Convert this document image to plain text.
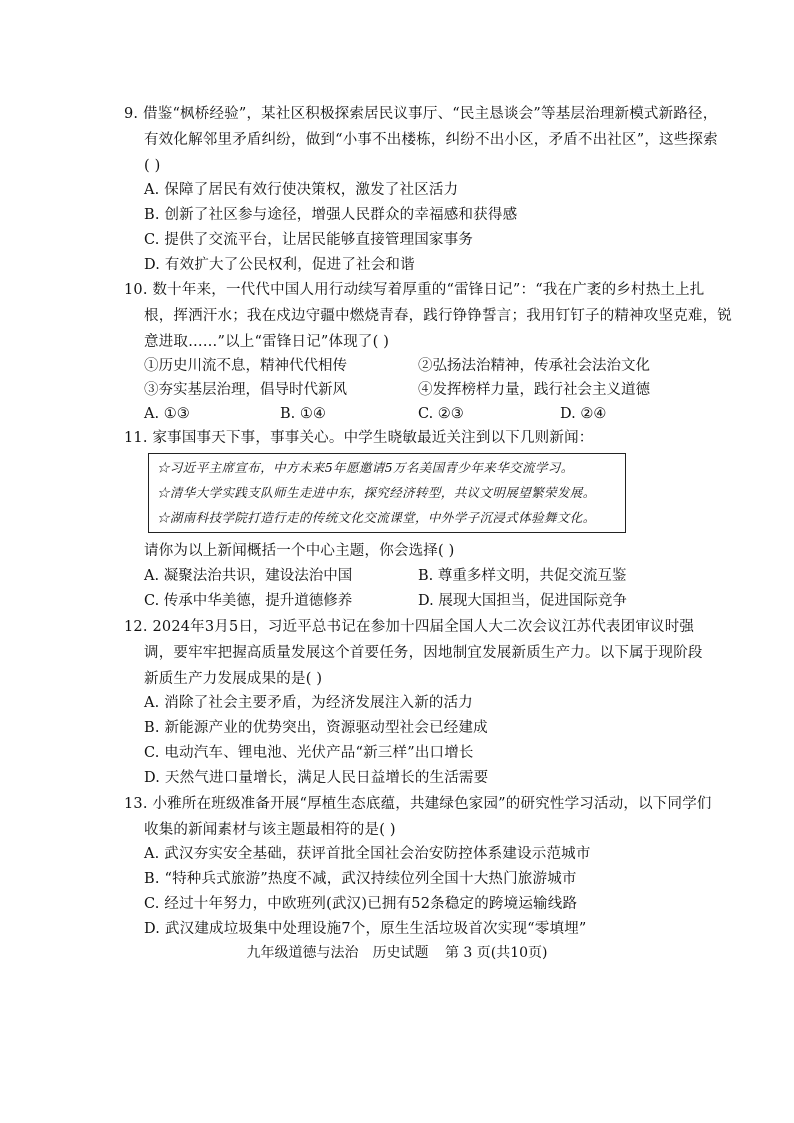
9. 借鉴“枫桥经验”，某社区积极探索居民议事厅、“民主恳谈会”等基层治理新模式新路径，
有效化解邻里矛盾纠纷，做到“小事不出楼栋，纠纷不出小区，矛盾不出社区”，这些探索
( )
A. 保障了居民有效行使决策权，激发了社区活力
B. 创新了社区参与途径，增强人民群众的幸福感和获得感
C. 提供了交流平台，让居民能够直接管理国家事务
D. 有效扩大了公民权利，促进了社会和谐
10. 数十年来，一代代中国人用行动续写着厚重的“雷锋日记”：“我在广袤的乡村热土上扎
根，挥洒汗水；我在戍边守疆中燃烧青春，践行铮铮誓言；我用钉钉子的精神攻坚克难，锐
意进取……”以上“雷锋日记”体现了( )
①历史川流不息，精神代代相传	②弘扬法治精神，传承社会法治文化
③夯实基层治理，倡导时代新风	④发挥榜样力量，践行社会主义道德
A. ①③	B. ①④	C. ②③	D. ②④
11. 家事国事天下事，事事关心。中学生晓敏最近关注到以下几则新闻：
☆习近平主席宣布，中方未来5年愿邀请5万名美国青少年来华交流学习。
☆清华大学实践支队师生走进中东，探究经济转型，共议文明展望繁荣发展。
☆湖南科技学院打造行走的传统文化交流课堂，中外学子沉浸式体验舞文化。
请你为以上新闻概括一个中心主题，你会选择( )
A. 凝聚法治共识，建设法治中国	B. 尊重多样文明，共促交流互鉴
C. 传承中华美德，提升道德修养	D. 展现大国担当，促进国际竞争
12. 2024年3月5日，习近平总书记在参加十四届全国人大二次会议江苏代表团审议时强
调，要牢牢把握高质量发展这个首要任务，因地制宜发展新质生产力。以下属于现阶段
新质生产力发展成果的是( )
A. 消除了社会主要矛盾，为经济发展注入新的活力
B. 新能源产业的优势突出，资源驱动型社会已经建成
C. 电动汽车、锂电池、光伏产品“新三样”出口增长
D. 天然气进口量增长，满足人民日益增长的生活需要
13. 小雅所在班级准备开展“厚植生态底蕴，共建绿色家园”的研究性学习活动，以下同学们
收集的新闻素材与该主题最相符的是( )
A. 武汉夯实安全基础，获评首批全国社会治安防控体系建设示范城市
B. “特种兵式旅游”热度不减，武汉持续位列全国十大热门旅游城市
C. 经过十年努力，中欧班列(武汉)已拥有52条稳定的跨境运输线路
D. 武汉建成垃圾集中处理设施7个，原生生活垃圾首次实现“零填埋”
九年级道德与法治　历史试题 第 3 页(共10页)
